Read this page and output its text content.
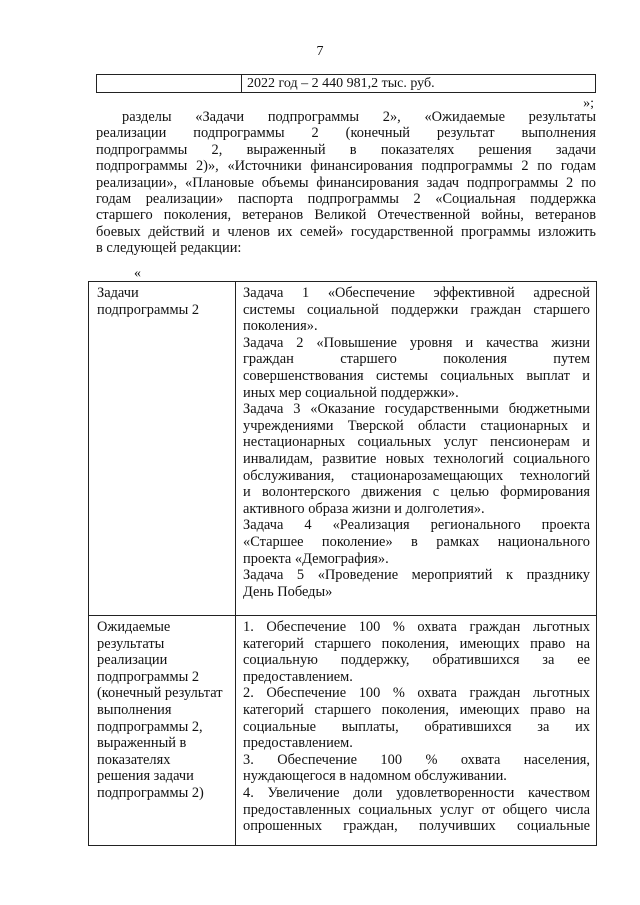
7
2022 год – 2 440 981,2 тыс. руб.
»;
разделы «Задачи подпрограммы 2», «Ожидаемые результаты
реализации подпрограммы 2 (конечный результат выполнения
подпрограммы 2, выраженный в показателях решения задачи
подпрограммы 2)», «Источники финансирования подпрограммы 2 по годам
реализации», «Плановые объемы финансирования задач подпрограммы 2 по
годам реализации» паспорта подпрограммы 2 «Социальная поддержка
старшего поколения, ветеранов Великой Отечественной войны, ветеранов
боевых действий и членов их семей» государственной программы изложить
в следующей редакции:
«
Задачи
подпрограммы 2
Задача 1 «Обеспечение эффективной адресной
системы социальной поддержки граждан старшего
поколения».
Задача 2 «Повышение уровня и качества жизни
граждан старшего поколения путем
совершенствования системы социальных выплат и
иных мер социальной поддержки».
Задача 3 «Оказание государственными бюджетными
учреждениями Тверской области стационарных и
нестационарных социальных услуг пенсионерам и
инвалидам, развитие новых технологий социального
обслуживания, стационарозамещающих технологий
и волонтерского движения с целью формирования
активного образа жизни и долголетия».
Задача 4 «Реализация регионального проекта
«Старшее поколение» в рамках национального
проекта «Демография».
Задача 5 «Проведение мероприятий к празднику
День Победы»
Ожидаемые
результаты
реализации
подпрограммы 2
(конечный результат
выполнения
подпрограммы 2,
выраженный в
показателях
решения задачи
подпрограммы 2)
1. Обеспечение 100 % охвата граждан льготных
категорий старшего поколения, имеющих право на
социальную поддержку, обратившихся за ее
предоставлением.
2. Обеспечение 100 % охвата граждан льготных
категорий старшего поколения, имеющих право на
социальные выплаты, обратившихся за их
предоставлением.
3. Обеспечение 100 % охвата населения,
нуждающегося в надомном обслуживании.
4. Увеличение доли удовлетворенности качеством
предоставленных социальных услуг от общего числа
опрошенных граждан, получивших социальные
